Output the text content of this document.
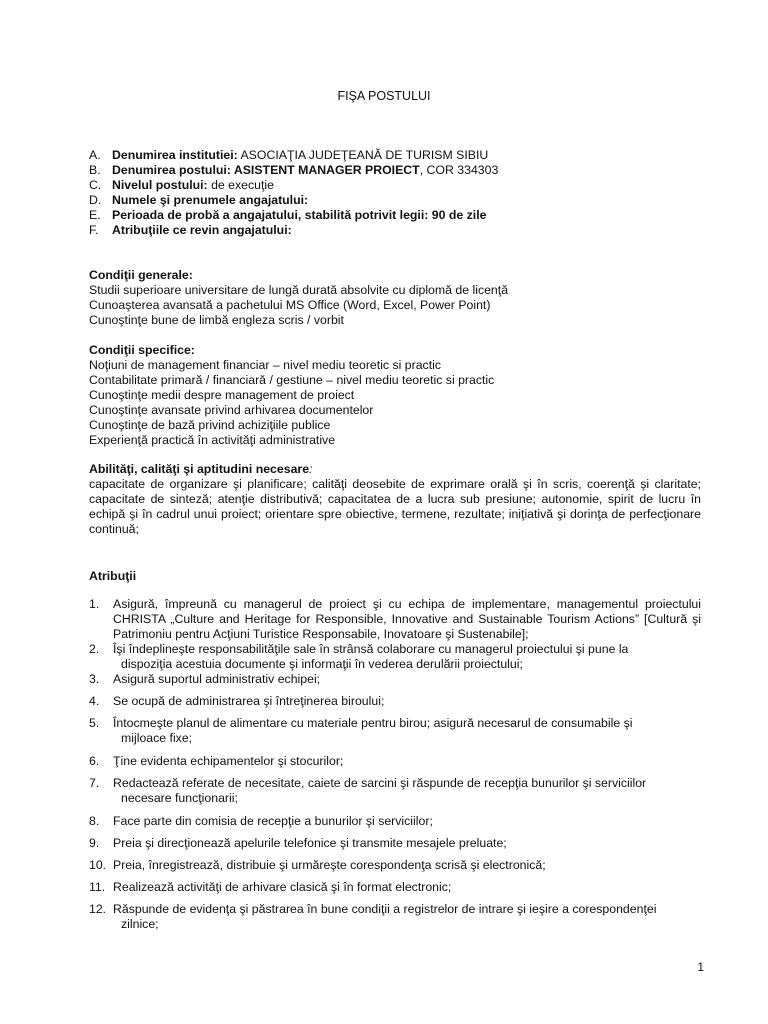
FIŞA POSTULUI
A. Denumirea institutiei: ASOCIAŢIA JUDEŢEANĂ DE TURISM SIBIU
B. Denumirea postului: ASISTENT MANAGER PROIECT , COR 334303
C. Nivelul postului: de execuţie
D. Numele şi prenumele angajatului:
E. Perioada de probă a angajatului, stabilită potrivit legii: 90 de zile
F.	Atribuţiile ce revin angajatului:
Condiţii generale:
Studii superioare universitare de lungă durată absolvite cu diplomă de licenţă
Cunoaşterea avansată a pachetului MS Office (Word, Excel, Power Point)
Cunoştinţe bune de limbă engleza scris / vorbit
Condiţii specifice:
Noţiuni de management financiar – nivel mediu teoretic si practic
Contabilitate primară / financiară / gestiune – nivel mediu teoretic si practic
Cunoştinţe medii despre management de proiect
Cunoştinţe avansate privind arhivarea documentelor
Cunoştinţe de bază privind achiziţiile publice
Experienţă practică în activităţi administrative
Abilităţi, calităţi şi aptitudini necesare:
capacitate de organizare şi planificare; calităţi deosebite de exprimare orală şi în scris, coerenţă şi claritate; capacitate de sinteză; atenţie distributivă; capacitatea de a lucra sub presiune; autonomie, spirit de lucru în echipă şi în cadrul unui proiect; orientare spre obiective, termene, rezultate; iniţiativă şi dorinţa de perfecţionare continuă;
Atribuţii
1.	Asigură, împreună cu managerul de proiect şi cu echipa de implementare, managementul proiectului CHRISTA „Culture and Heritage for Responsible, Innovative and Sustainable Tourism Actions” [Cultură şi Patrimoniu pentru Acţiuni Turistice Responsabile, Inovatoare şi Sustenabile];
2.	Îşi îndeplineşte responsabilităţile sale în strânsă colaborare cu managerul proiectului şi pune la
dispoziţia acestuia documente şi informaţii în vederea derulării proiectului;
3.	Asigură suportul administrativ echipei;
4.	Se ocupă de administrarea şi întreţinerea biroului;
5.	Întocmeşte planul de alimentare cu materiale pentru birou; asigură necesarul de consumabile şi
mijloace fixe;
6.	Ţine evidenta echipamentelor şi stocurilor;
7.	Redactează referate de necesitate, caiete de sarcini şi răspunde de recepţia bunurilor şi serviciilor
necesare funcţionarii;
8.	Face parte din comisia de recepţie a bunurilor şi serviciilor;
9.	Preia şi direcţionează apelurile telefonice şi transmite mesajele preluate;
10. Preia, înregistrează, distribuie şi urmăreşte corespondenţa scrisă şi electronică;
11. Realizează activităţi de arhivare clasică şi în format electronic;
12. Răspunde de evidenţa şi păstrarea în bune condiţii a registrelor de intrare şi ieşire a corespondenţei
zilnice;
1
